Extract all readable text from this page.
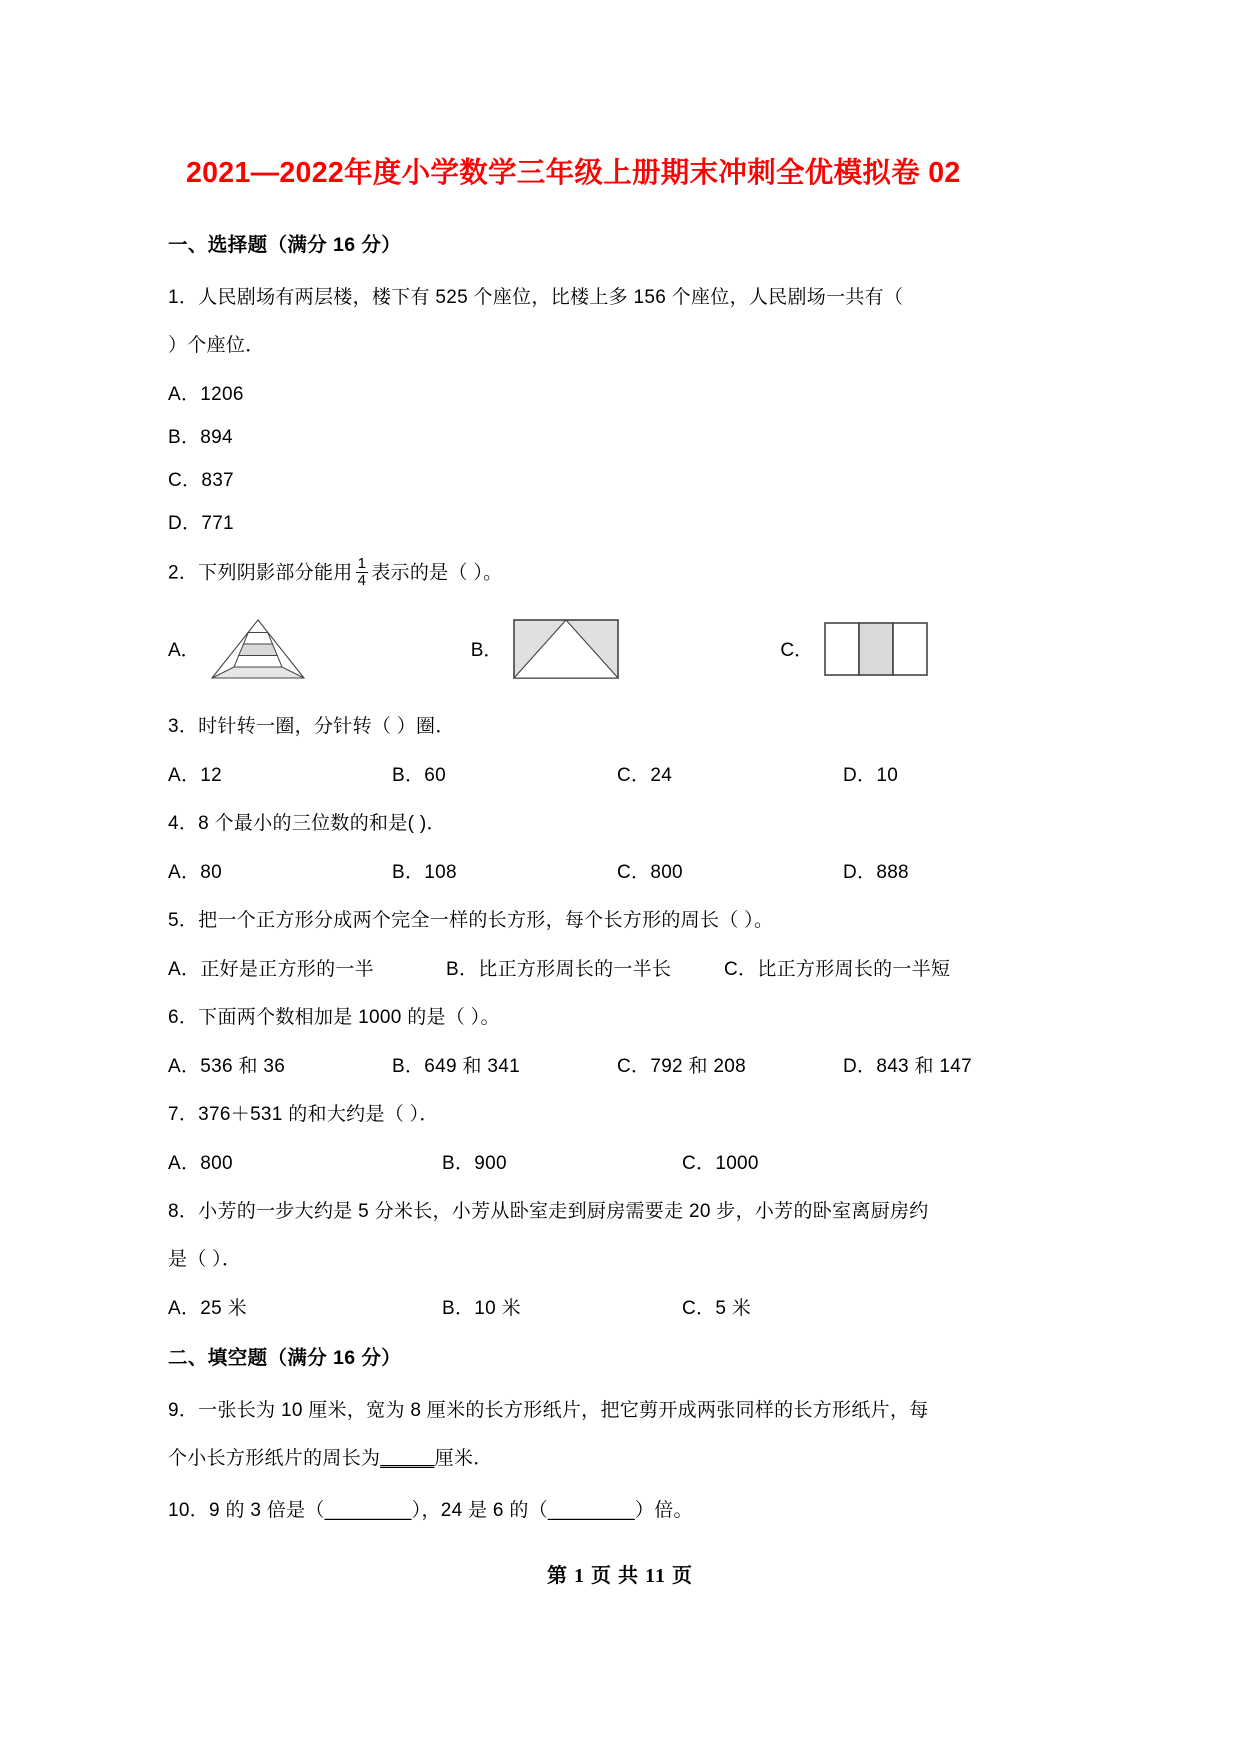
2021—2022年度小学数学三年级上册期末冲刺全优模拟卷 02
一、选择题（满分 16 分）
1．人民剧场有两层楼，楼下有 525 个座位，比楼上多 156 个座位，人民剧场一共有（
）个座位．
A．1206
B．894
C．837
D．771
2．下列阴影部分能用 $\frac{1}{4}$ 表示的是（ ）。
A．	B．	C．
3．时针转一圈，分针转（ ）圈．
A．12	B．60	C．24	D．10
4．8 个最小的三位数的和是( )．
A．80	B．108	C．800	D．888
5．把一个正方形分成两个完全一样的长方形，每个长方形的周长（ ）。
A．正好是正方形的一半	B．比正方形周长的一半长	C．比正方形周长的一半短
6．下面两个数相加是 1000 的是（ ）。
A．536 和 36	B．649 和 341	C．792 和 208	D．843 和 147
7．376＋531 的和大约是（ ）．
A．800	B．900	C．1000
8．小芳的一步大约是 5 分米长，小芳从卧室走到厨房需要走 20 步，小芳的卧室离厨房约
是（ ）．
A．25 米	B．10 米	C．5 米
二、填空题（满分 16 分）
9．一张长为 10 厘米，宽为 8 厘米的长方形纸片，把它剪开成两张同样的长方形纸片，每
个小长方形纸片的周长为_____厘米．
10．9 的 3 倍是（________），24 是 6 的（________）倍。
第 1 页 共 11 页
